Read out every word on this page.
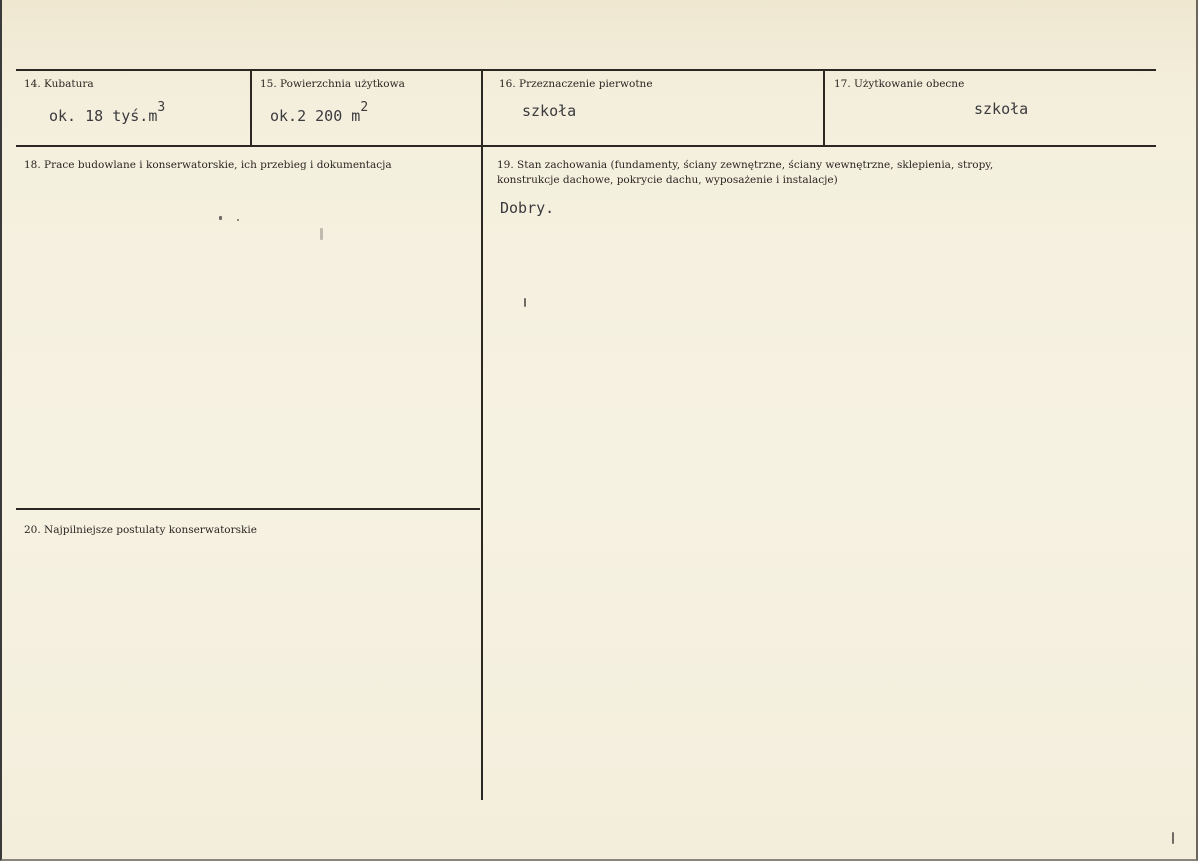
14. Kubatura
ok. 18 $tyś.m^3$
15. Powierzchnia użytkowa
ok.2 200 $m^2$
16. Przeznaczenie pierwotne
szkoła
17. Użytkowanie obecne
szkoła
18. Prace budowlane i konserwatorskie, ich przebieg i dokumentacja	19. Stan zachowania (fundamenty, ściany zewnętrzne, ściany wewnętrzne, sklepienia, stropy,
konstrukcje dachowe, pokrycie dachu, wyposażenie i instalacje)
Dobry.
20. Najpilniejsze postulaty konserwatorskie
